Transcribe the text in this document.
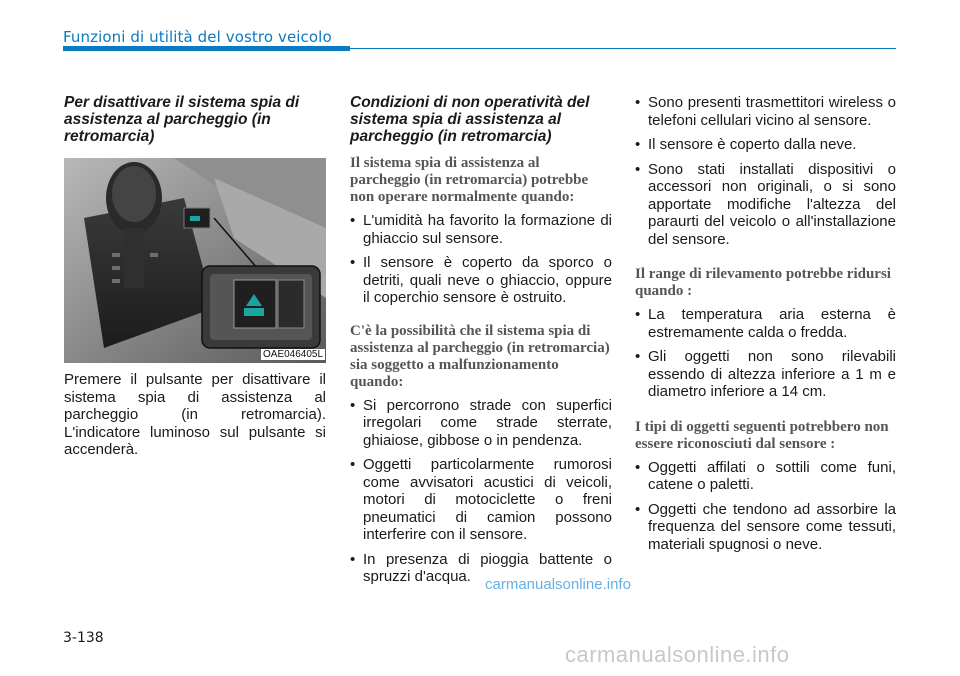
Funzioni di utilità del vostro veicolo
Per disattivare il sistema spia di assistenza al parcheggio (in retromarcia)
OAE046405L
Premere il pulsante per disattivare il sistema spia di assistenza al parcheggio (in retromarcia). L'indicatore luminoso sul pulsante si accenderà.
Condizioni di non operatività del sistema spia di assistenza al parcheggio (in retromarcia)
Il sistema spia di assistenza al parcheggio (in retromarcia) potrebbe non operare normalmente quando:
• L'umidità ha favorito la formazione di ghiaccio sul sensore.
• Il sensore è coperto da sporco o detriti, quali neve o ghiaccio, oppure il coperchio sensore è ostruito.
C'è la possibilità che il sistema spia di assistenza al parcheggio (in retromarcia) sia soggetto a malfunzionamento quando:
• Si percorrono strade con superfici irregolari come strade sterrate, ghiaiose, gibbose o in pendenza.
• Oggetti particolarmente rumorosi come avvisatori acustici di veicoli, motori di motociclette o freni pneumatici di camion possono interferire con il sensore.
• In presenza di pioggia battente o spruzzi d'acqua.
• Sono presenti trasmettitori wireless o telefoni cellulari vicino al sensore.
• Il sensore è coperto dalla neve.
• Sono stati installati dispositivi o accessori non originali, o si sono apportate modifiche l'altezza del paraurti del veicolo o all'installazione del sensore.
Il range di rilevamento potrebbe ridursi quando :
• La temperatura aria esterna è estremamente calda o fredda.
• Gli oggetti non sono rilevabili essendo di altezza inferiore a 1 m e diametro inferiore a 14 cm.
I tipi di oggetti seguenti potrebbero non essere riconosciuti dal sensore :
• Oggetti affilati o sottili come funi, catene o paletti.
• Oggetti che tendono ad assorbire la frequenza del sensore come tessuti, materiali spugnosi o neve.
carmanualsonline.info
3-138
carmanualsonline.info
